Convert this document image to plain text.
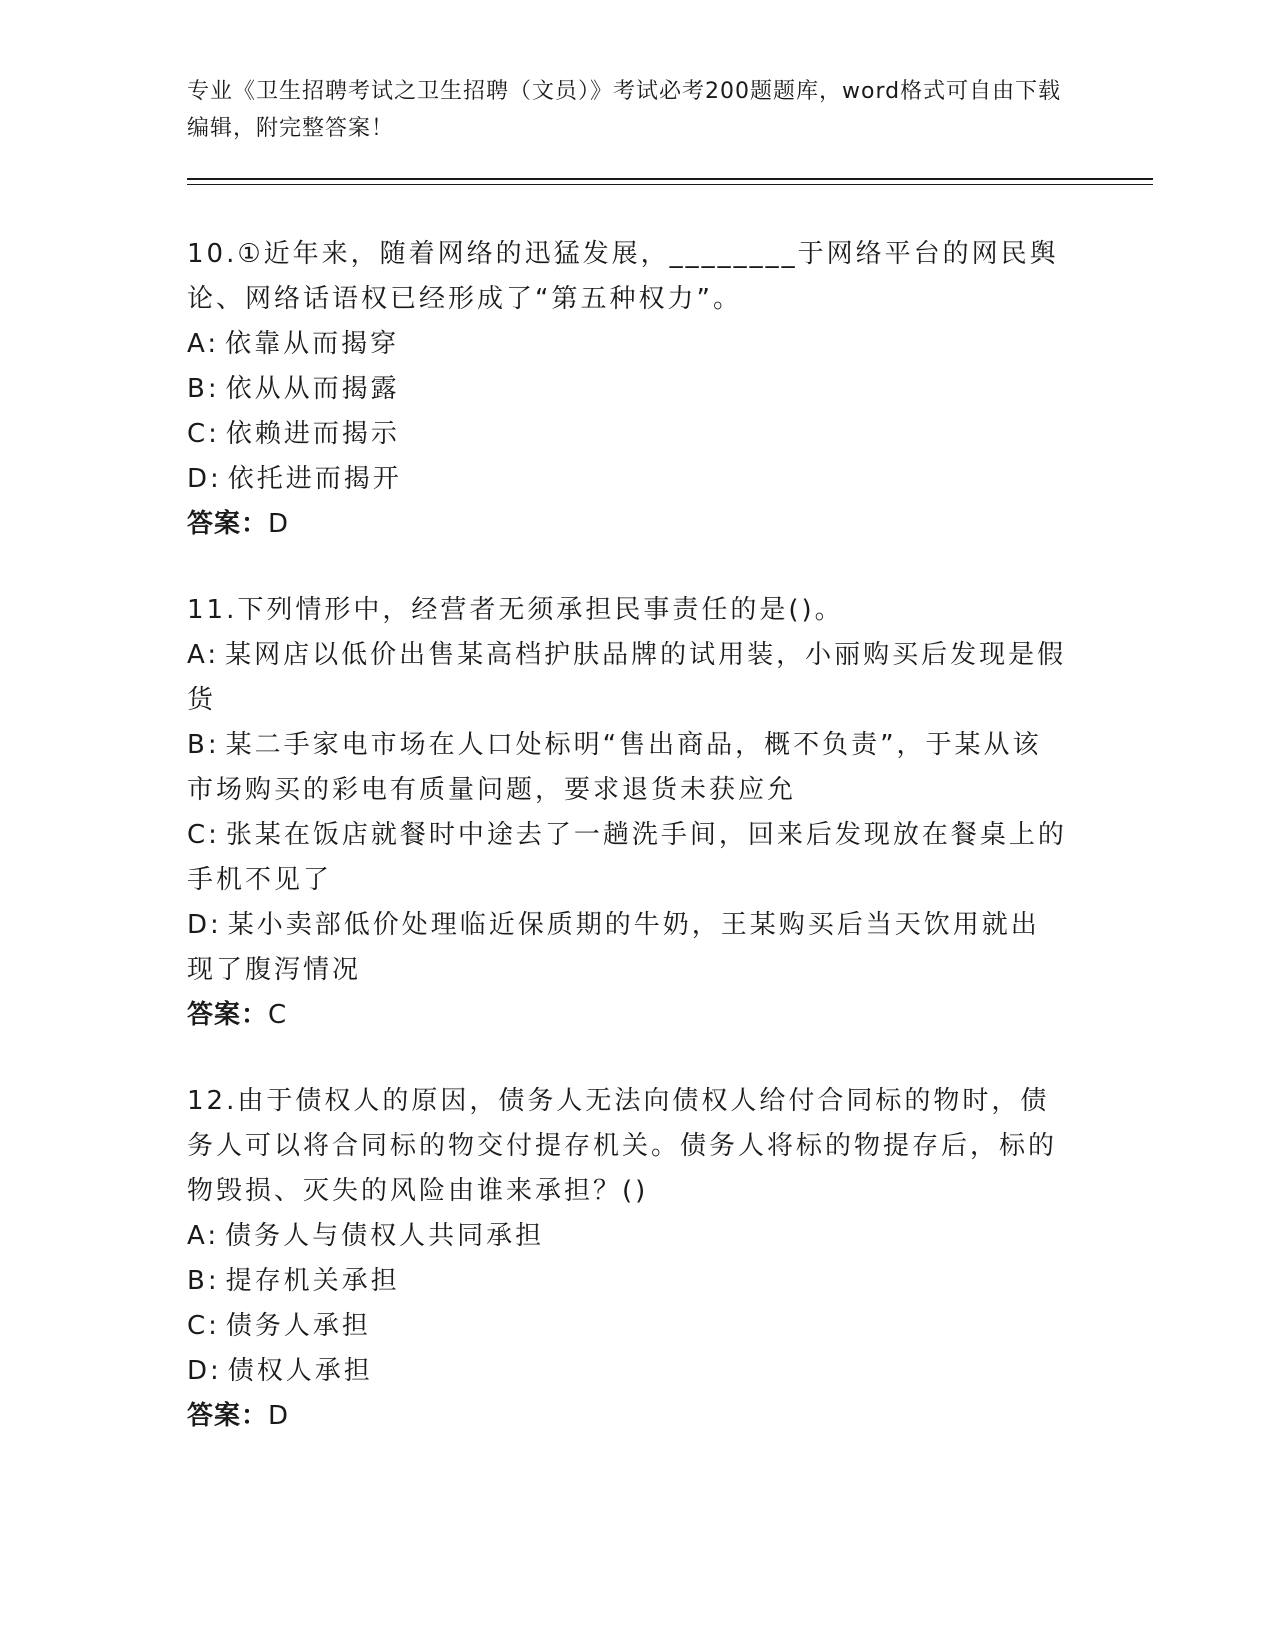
专业《卫生招聘考试之卫生招聘（文员）》考试必考200题题库，word格式可自由下载编辑，附完整答案！

10.①近年来，随着网络的迅猛发展，________于网络平台的网民舆论、网络话语权已经形成了“第五种权力”。

A: 依靠从而揭穿

B: 依从从而揭露

C: 依赖进而揭示

D: 依托进而揭开

答案：D

11.下列情形中，经营者无须承担民事责任的是()。

A: 某网店以低价出售某高档护肤品牌的试用装，小丽购买后发现是假货

B: 某二手家电市场在人口处标明“售出商品，概不负责”，于某从该市场购买的彩电有质量问题，要求退货未获应允

C: 张某在饭店就餐时中途去了一趟洗手间，回来后发现放在餐桌上的手机不见了

D: 某小卖部低价处理临近保质期的牛奶，王某购买后当天饮用就出现了腹泻情况

答案：C

12.由于债权人的原因，债务人无法向债权人给付合同标的物时，债务人可以将合同标的物交付提存机关。债务人将标的物提存后，标的物毁损、灭失的风险由谁来承担？()

A: 债务人与债权人共同承担

B: 提存机关承担

C: 债务人承担

D: 债权人承担

答案：D
